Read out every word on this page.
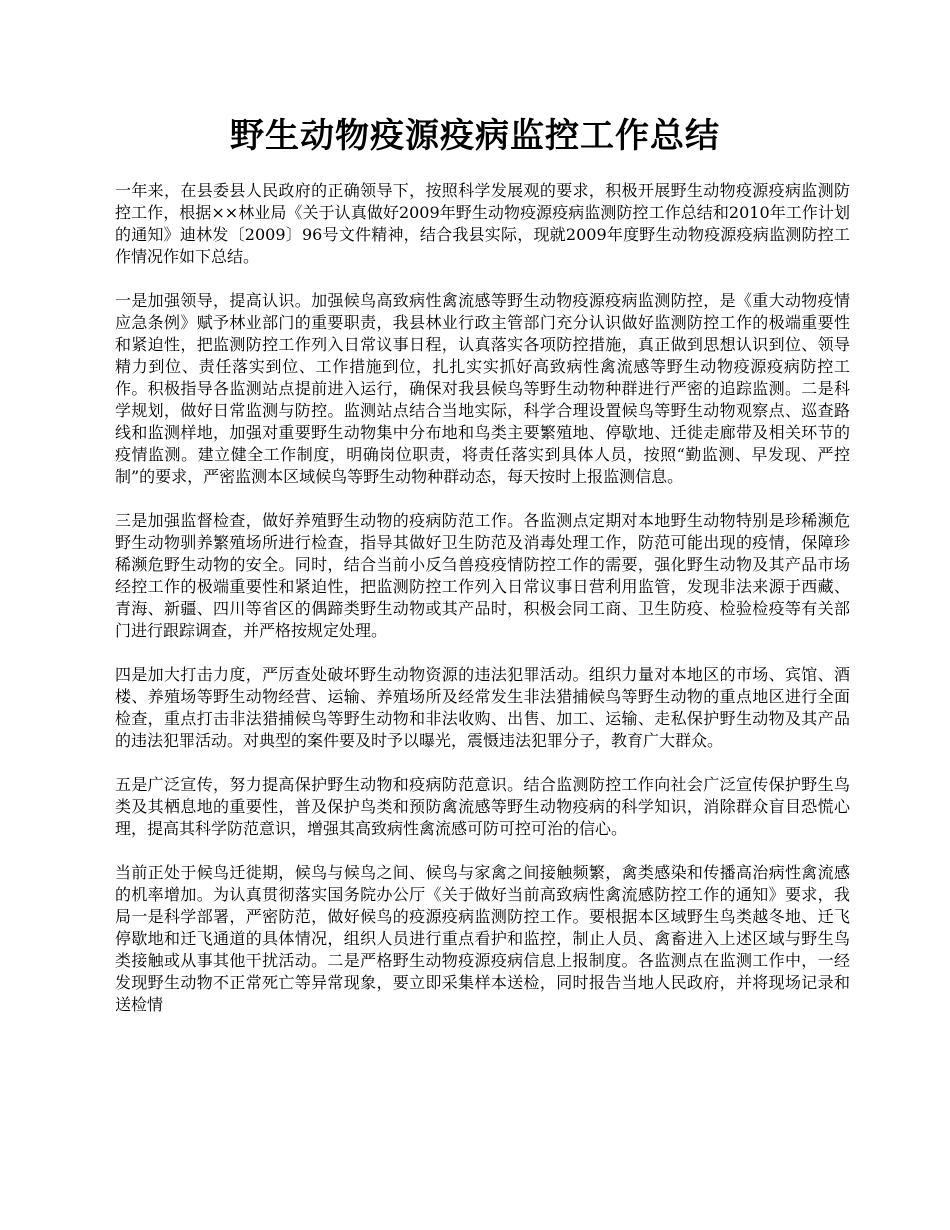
野生动物疫源疫病监控工作总结

一年来，在县委县人民政府的正确领导下，按照科学发展观的要求，积极开展野生动物疫源疫病监测防控工作，根据××林业局《关于认真做好2009年野生动物疫源疫病监测防控工作总结和2010年工作计划的通知》迪林发〔2009〕96号文件精神，结合我县实际，现就2009年度野生动物疫源疫病监测防控工作情况作如下总结。

一是加强领导，提高认识。加强候鸟高致病性禽流感等野生动物疫源疫病监测防控，是《重大动物疫情应急条例》赋予林业部门的重要职责，我县林业行政主管部门充分认识做好监测防控工作的极端重要性和紧迫性，把监测防控工作列入日常议事日程，认真落实各项防控措施，真正做到思想认识到位、领导精力到位、责任落实到位、工作措施到位，扎扎实实抓好高致病性禽流感等野生动物疫源疫病防控工作。积极指导各监测站点提前进入运行，确保对我县候鸟等野生动物种群进行严密的追踪监测。二是科学规划，做好日常监测与防控。监测站点结合当地实际，科学合理设置候鸟等野生动物观察点、巡查路线和监测样地，加强对重要野生动物集中分布地和鸟类主要繁殖地、停歇地、迁徙走廊带及相关环节的疫情监测。建立健全工作制度，明确岗位职责，将责任落实到具体人员，按照“勤监测、早发现、严控制”的要求，严密监测本区域候鸟等野生动物种群动态，每天按时上报监测信息。

三是加强监督检查，做好养殖野生动物的疫病防范工作。各监测点定期对本地野生动物特别是珍稀濒危野生动物驯养繁殖场所进行检查，指导其做好卫生防范及消毒处理工作，防范可能出现的疫情，保障珍稀濒危野生动物的安全。同时，结合当前小反刍兽疫疫情防控工作的需要，强化野生动物及其产品市场经控工作的极端重要性和紧迫性，把监测防控工作列入日常议事日营利用监管，发现非法来源于西藏、青海、新疆、四川等省区的偶蹄类野生动物或其产品时，积极会同工商、卫生防疫、检验检疫等有关部门进行跟踪调查，并严格按规定处理。

四是加大打击力度，严厉查处破坏野生动物资源的违法犯罪活动。组织力量对本地区的市场、宾馆、酒楼、养殖场等野生动物经营、运输、养殖场所及经常发生非法猎捕候鸟等野生动物的重点地区进行全面检查，重点打击非法猎捕候鸟等野生动物和非法收购、出售、加工、运输、走私保护野生动物及其产品的违法犯罪活动。对典型的案件要及时予以曝光，震慑违法犯罪分子，教育广大群众。

五是广泛宣传，努力提高保护野生动物和疫病防范意识。结合监测防控工作向社会广泛宣传保护野生鸟类及其栖息地的重要性，普及保护鸟类和预防禽流感等野生动物疫病的科学知识，消除群众盲目恐慌心理，提高其科学防范意识，增强其高致病性禽流感可防可控可治的信心。

当前正处于候鸟迁徙期，候鸟与候鸟之间、候鸟与家禽之间接触频繁，禽类感染和传播高治病性禽流感的机率增加。为认真贯彻落实国务院办公厅《关于做好当前高致病性禽流感防控工作的通知》要求，我局一是科学部署，严密防范，做好候鸟的疫源疫病监测防控工作。要根据本区域野生鸟类越冬地、迁飞停歇地和迁飞通道的具体情况，组织人员进行重点看护和监控，制止人员、禽畜进入上述区域与野生鸟类接触或从事其他干扰活动。二是严格野生动物疫源疫病信息上报制度。各监测点在监测工作中，一经发现野生动物不正常死亡等异常现象，要立即采集样本送检，同时报告当地人民政府，并将现场记录和送检情
